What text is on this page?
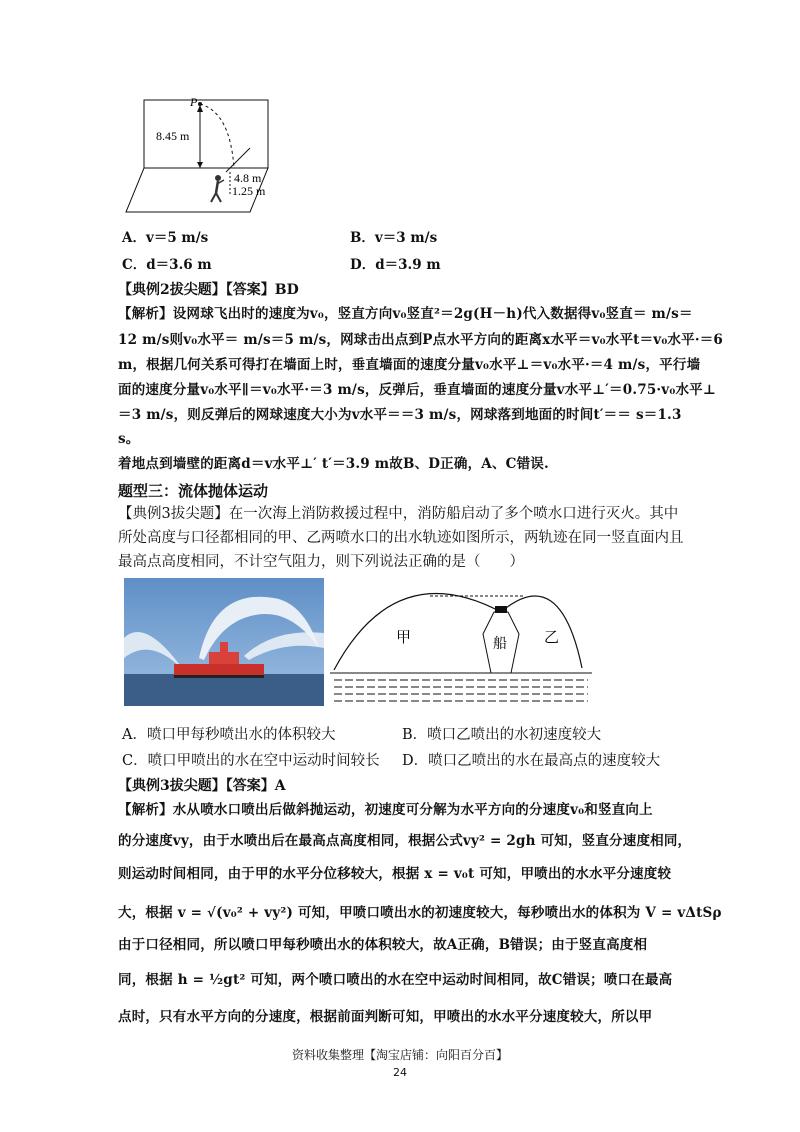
P
8.45 m
4.8 m
1.25 m
A．v＝5 m/s	B．v＝3 m/s
C．d＝3.6 m	D．d＝3.9 m
【典例2拔尖题】【答案】BD
【解析】设网球飞出时的速度为v₀，竖直方向v₀竖直²＝2g(H－h)代入数据得v₀竖直＝ m/s＝
12 m/s则v₀水平＝ m/s＝5 m/s，网球击出点到P点水平方向的距离x水平＝v₀水平t＝v₀水平·＝6
m，根据几何关系可得打在墙面上时，垂直墙面的速度分量v₀水平⊥＝v₀水平·＝4 m/s，平行墙
面的速度分量v₀水平∥＝v₀水平·＝3 m/s，反弹后，垂直墙面的速度分量v水平⊥′＝0.75·v₀水平⊥
＝3 m/s，则反弹后的网球速度大小为v水平＝＝3 m/s，网球落到地面的时间t′＝＝ s＝1.3
s。
着地点到墙壁的距离d＝v水平⊥′ t′＝3.9 m故B、D正确，A、C错误.
题型三：流体抛体运动
【典例3拔尖题】在一次海上消防救援过程中，消防船启动了多个喷水口进行灭火。其中
所处高度与口径都相同的甲、乙两喷水口的出水轨迹如图所示，两轨迹在同一竖直面内且
最高点高度相同，不计空气阻力，则下列说法正确的是（　　）
甲	船 乙
A．喷口甲每秒喷出水的体积较大	B．喷口乙喷出的水初速度较大
C．喷口甲喷出的水在空中运动时间较长 D．喷口乙喷出的水在最高点的速度较大
【典例3拔尖题】【答案】A
【解析】水从喷水口喷出后做斜抛运动，初速度可分解为水平方向的分速度v₀和竖直向上
的分速度vy，由于水喷出后在最高点高度相同，根据公式vy² = 2gh 可知，竖直分速度相同，
则运动时间相同，由于甲的水平分位移较大，根据 x = v₀t 可知，甲喷出的水水平分速度较
大，根据 v = √(v₀² + vy²) 可知，甲喷口喷出水的初速度较大，每秒喷出水的体积为 V = vΔtSρ
由于口径相同，所以喷口甲每秒喷出水的体积较大，故A正确，B错误；由于竖直高度相
同，根据 h = ½gt² 可知，两个喷口喷出的水在空中运动时间相同，故C错误；喷口在最高
点时，只有水平方向的分速度，根据前面判断可知，甲喷出的水水平分速度较大，所以甲
资料收集整理【淘宝店铺：向阳百分百】
24
